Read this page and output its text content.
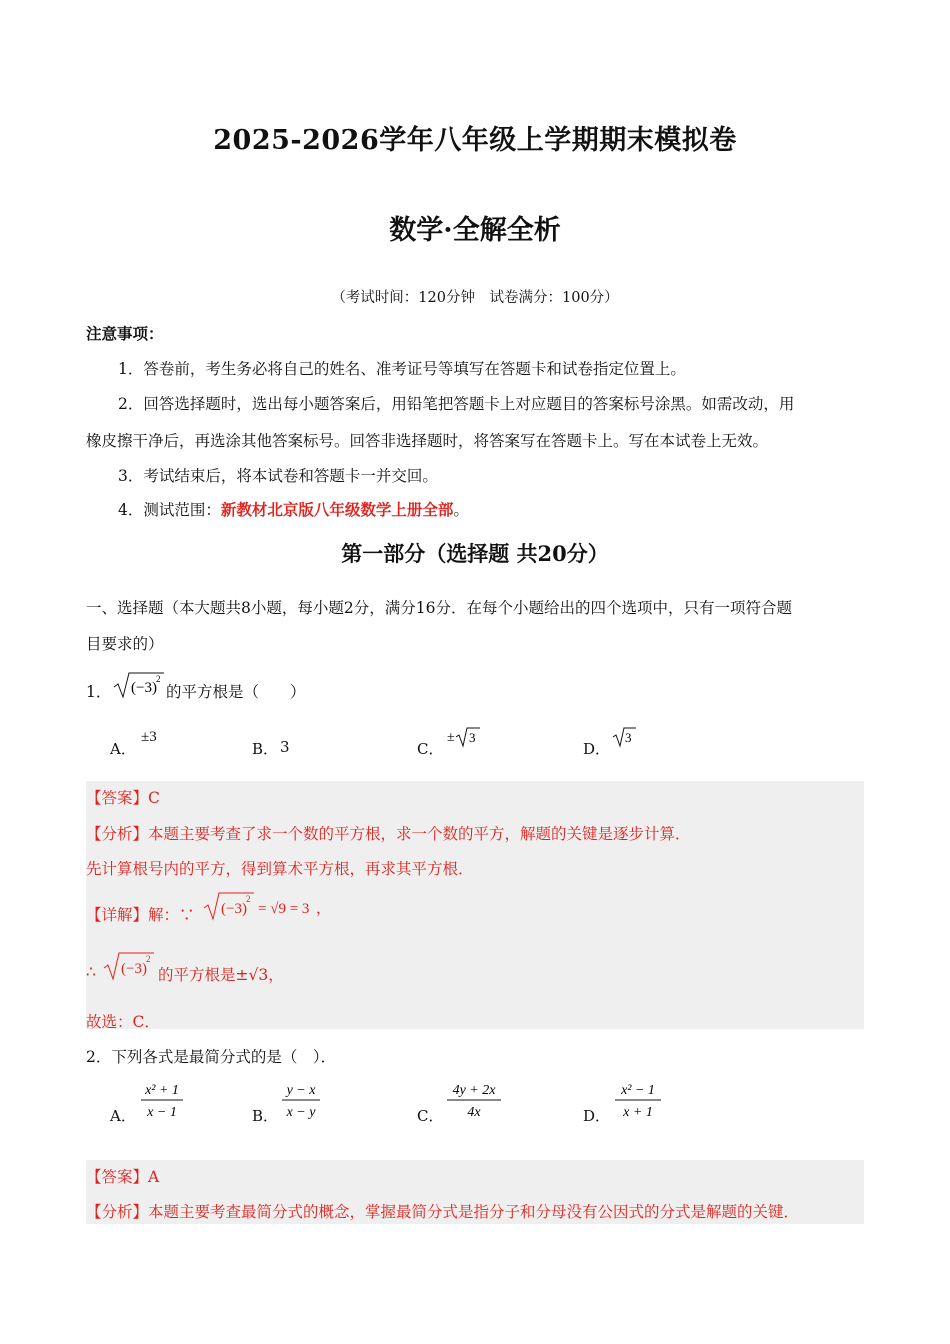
2025-2026学年八年级上学期期末模拟卷
数学·全解全析
（考试时间：120分钟　试卷满分：100分）
注意事项：
1．答卷前，考生务必将自己的姓名、准考证号等填写在答题卡和试卷指定位置上。
2．回答选择题时，选出每小题答案后，用铅笔把答题卡上对应题目的答案标号涂黑。如需改动，用
橡皮擦干净后，再选涂其他答案标号。回答非选择题时，将答案写在答题卡上。写在本试卷上无效。
3．考试结束后，将本试卷和答题卡一并交回。
4．测试范围：新教材北京版八年级数学上册全部。
第一部分（选择题 共20分）
一、选择题（本大题共8小题，每小题2分，满分16分．在每个小题给出的四个选项中，只有一项符合题
目要求的）
1． (−3)
2
的平方根是（　　）
A．
±3
B． 3	C．
± 3
D．
3
【答案】C
【分析】本题主要考查了求一个数的平方根，求一个数的平方，解题的关键是逐步计算．
先计算根号内的平方，得到算术平方根，再求其平方根．
【详解】解：∵ (−3)
2
= √9 = 3 ，
∴ (−3)
2
的平方根是±√3，
故选：C．
2．下列各式是最简分式的是（　）．
A．
x² + 1
x − 1	B．
y − x
x − y	C．
4y + 2x
4x	D．
x² − 1
x + 1
【答案】A
【分析】本题主要考查最简分式的概念，掌握最简分式是指分子和分母没有公因式的分式是解题的关键．
